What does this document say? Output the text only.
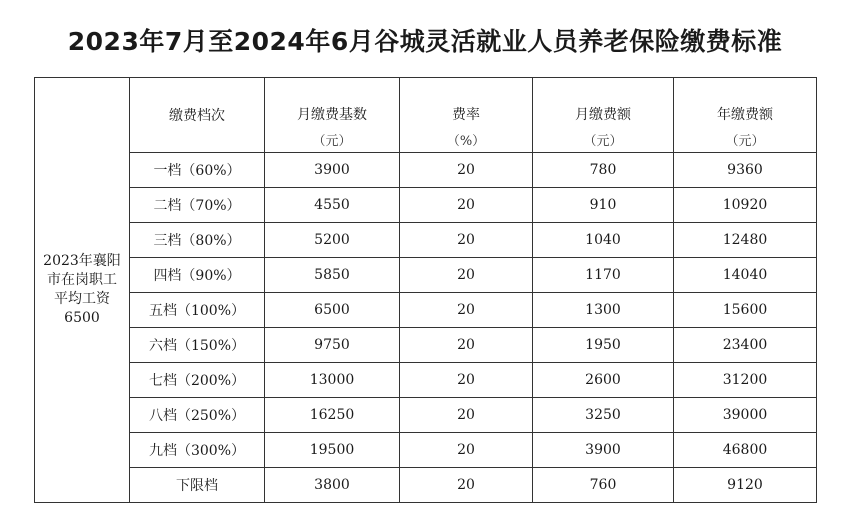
2023年7月至2024年6月谷城灵活就业人员养老保险缴费标准
2023年襄阳
市在岗职工
平均工资
6500	缴费档次	月缴费基数	费率	月缴费额	年缴费额
		（元）	（%）	（元）	（元）
	一档（60%）	3900	20	780	9360
	二档（70%）	4550	20	910	10920
	三档（80%）	5200	20	1040	12480
	四档（90%）	5850	20	1170	14040
	五档（100%）	6500	20	1300	15600
	六档（150%）	9750	20	1950	23400
	七档（200%）	13000	20	2600	31200
	八档（250%）	16250	20	3250	39000
	九档（300%）	19500	20	3900	46800
	下限档	3800	20	760	9120
